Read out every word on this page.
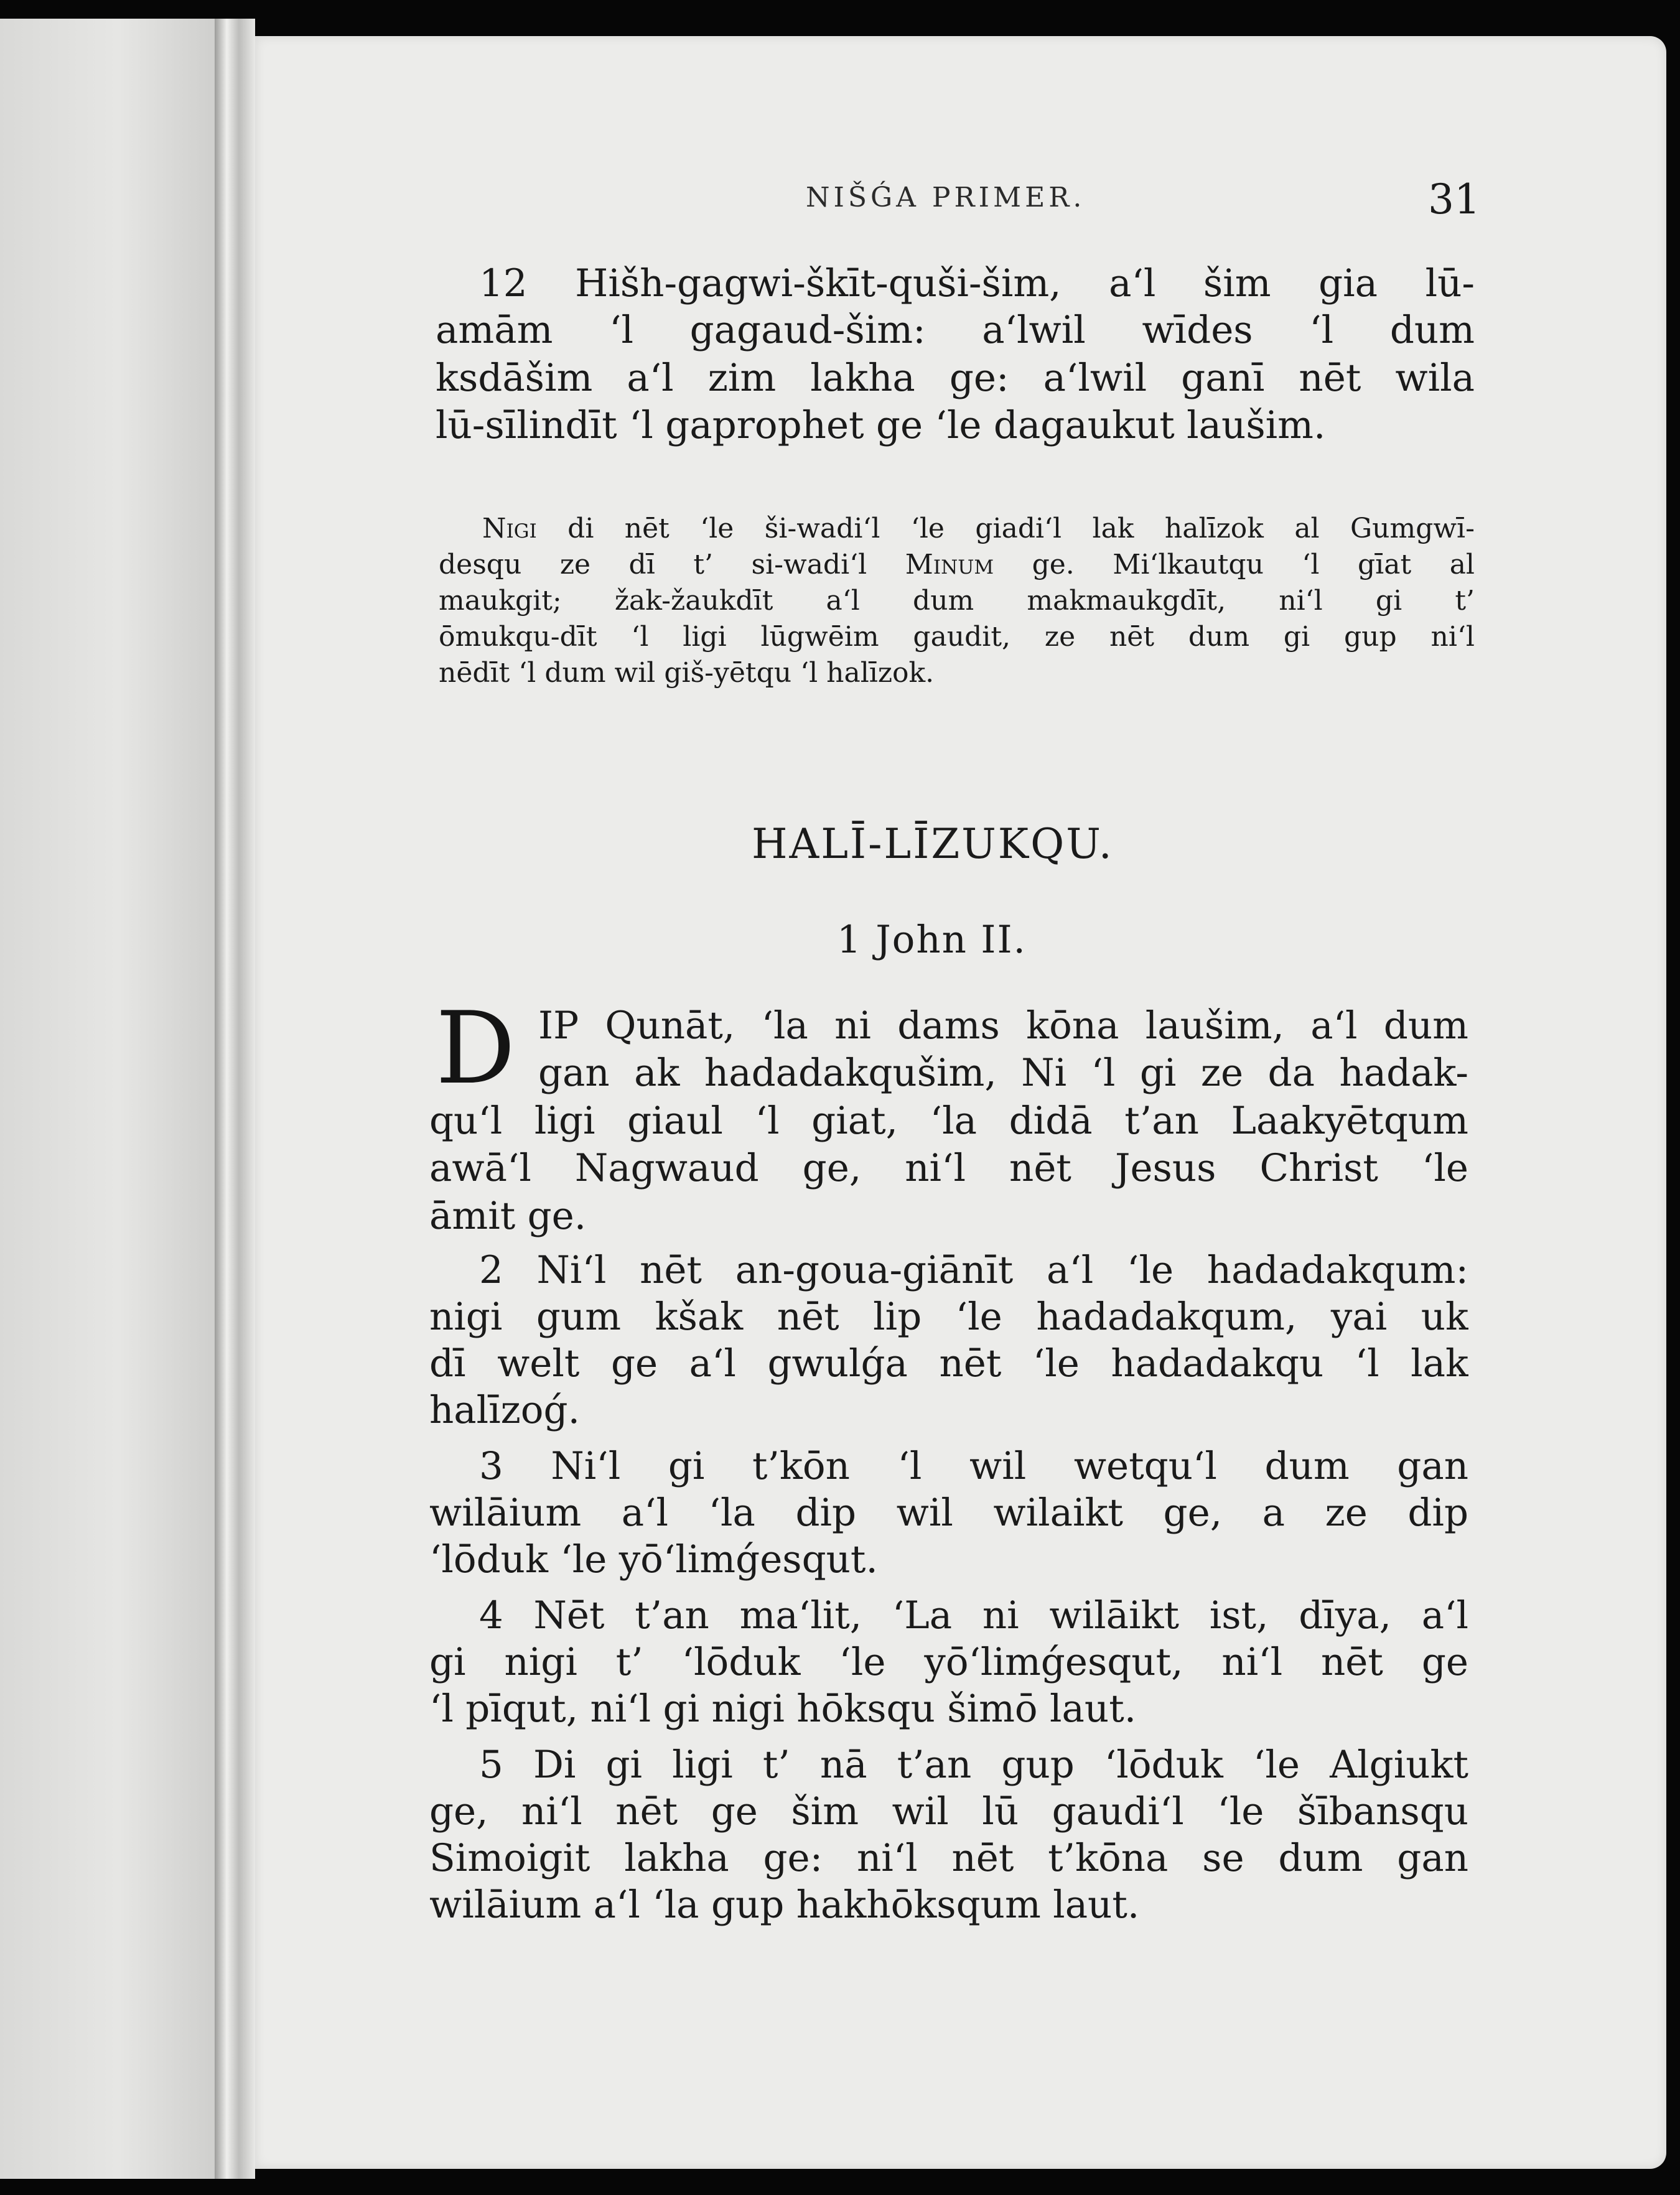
NIŠǴA PRIMER.	31

12 Hišh-gagwi-škīt-quši-šim, a‘l šim gia lū-

amām ‘l gagaud-šim: a‘lwil wīdes ‘l dum

ksdāšim a‘l zim lakha ge: a‘lwil ganī nēt wila

lū-sīlindīt ‘l gaprophet ge ‘le dagaukut laušim.

Nigi di nēt ‘le ši-wadi‘l ‘le giadi‘l lak halīzok al Gumgwī-

desqu ze dī t’ si-wadi‘l Minum ge. Mi‘lkautqu ‘l gīat al

maukgit; žak-žaukdīt a‘l dum makmaukgdīt, ni‘l gi t’

ōmukqu-dīt ‘l ligi lūgwēim gaudit, ze nēt dum gi gup ni‘l

nēdīt ‘l dum wil giš-yētqu ‘l halīzok.

HALĪ-LĪZUKQU.

1 John II.

D IP Qunāt, ‘la ni dams kōna laušim, a‘l dum

gan ak hadadakqušim, Ni ‘l gi ze da hadak-

qu‘l ligi giaul ‘l giat, ‘la didā t’an Laakyētqum

awā‘l Nagwaud ge, ni‘l nēt Jesus Christ ‘le

āmit ge.

2 Ni‘l nēt an-goua-giānīt a‘l ‘le hadadakqum:

nigi gum kšak nēt lip ‘le hadadakqum, yai uk

dī welt ge a‘l gwulǵa nēt ‘le hadadakqu ‘l lak

halīzoǵ.

3 Ni‘l gi t’kōn ‘l wil wetqu‘l dum gan

wilāium a‘l ‘la dip wil wilaikt ge, a ze dip

‘lōduk ‘le yō‘limǵesqut.

4 Nēt t’an ma‘lit, ‘La ni wilāikt ist, dīya, a‘l

gi nigi t’ ‘lōduk ‘le yō‘limǵesqut, ni‘l nēt ge

‘l pīqut, ni‘l gi nigi hōksqu šimō laut.

5 Di gi ligi t’ nā t’an gup ‘lōduk ‘le Algiukt

ge, ni‘l nēt ge šim wil lū gaudi‘l ‘le šībansqu

Simoigit lakha ge: ni‘l nēt t’kōna se dum gan

wilāium a‘l ‘la gup hakhōksqum laut.
